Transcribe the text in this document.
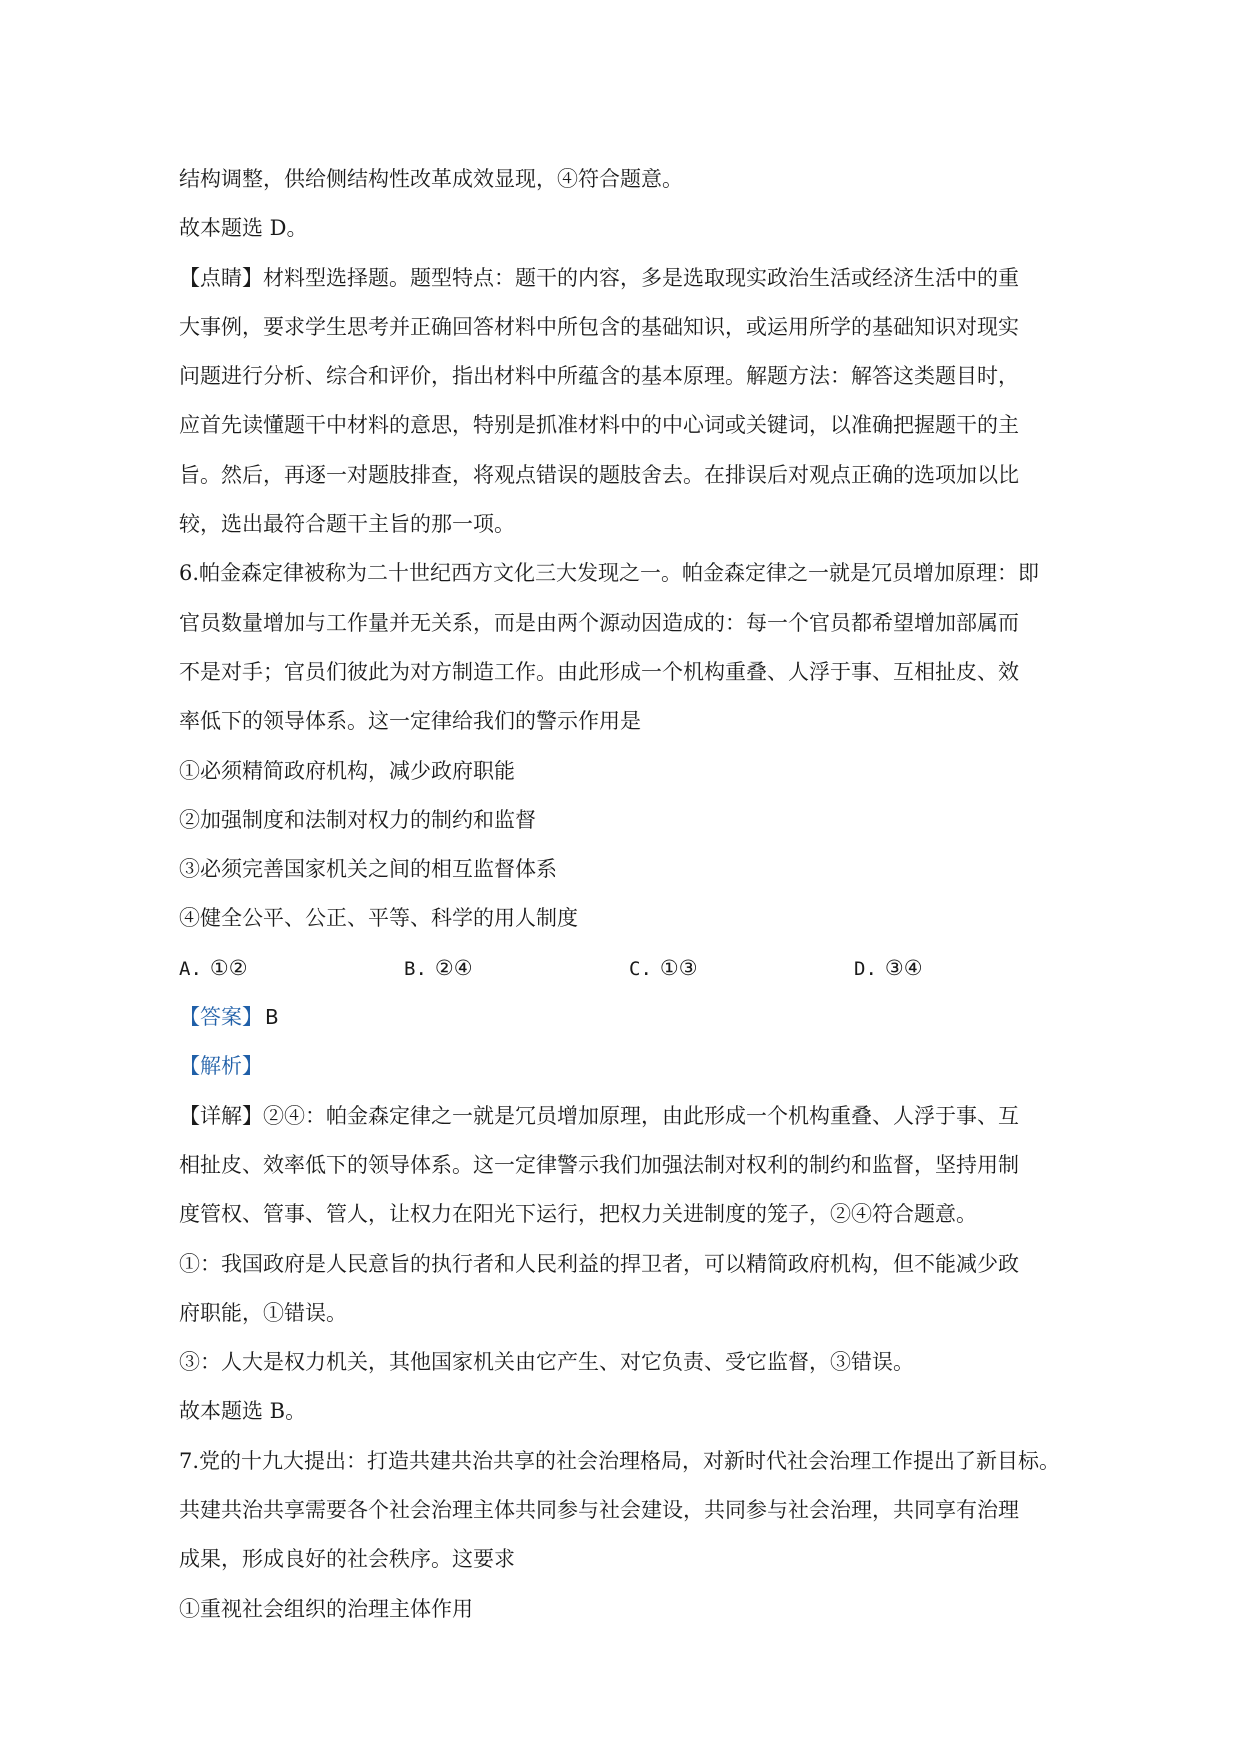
结构调整，供给侧结构性改革成效显现，④符合题意。
故本题选 D。
【点睛】材料型选择题。题型特点：题干的内容，多是选取现实政治生活或经济生活中的重
大事例，要求学生思考并正确回答材料中所包含的基础知识，或运用所学的基础知识对现实
问题进行分析、综合和评价，指出材料中所蕴含的基本原理。解题方法：解答这类题目时，
应首先读懂题干中材料的意思，特别是抓准材料中的中心词或关键词，以准确把握题干的主
旨。然后，再逐一对题肢排查，将观点错误的题肢舍去。在排误后对观点正确的选项加以比
较，选出最符合题干主旨的那一项。
6.帕金森定律被称为二十世纪西方文化三大发现之一。帕金森定律之一就是冗员增加原理：即
官员数量增加与工作量并无关系，而是由两个源动因造成的：每一个官员都希望增加部属而
不是对手；官员们彼此为对方制造工作。由此形成一个机构重叠、人浮于事、互相扯皮、效
率低下的领导体系。这一定律给我们的警示作用是
①必须精简政府机构，减少政府职能
②加强制度和法制对权力的制约和监督
③必须完善国家机关之间的相互监督体系
④健全公平、公正、平等、科学的用人制度
A. ①②	B. ②④	C. ①③	D. ③④
【答案】 B
【解析】
【详解】②④：帕金森定律之一就是冗员增加原理，由此形成一个机构重叠、人浮于事、互
相扯皮、效率低下的领导体系。这一定律警示我们加强法制对权利的制约和监督，坚持用制
度管权、管事、管人，让权力在阳光下运行，把权力关进制度的笼子，②④符合题意。
①：我国政府是人民意旨的执行者和人民利益的捍卫者，可以精简政府机构，但不能减少政
府职能，①错误。
③：人大是权力机关，其他国家机关由它产生、对它负责、受它监督，③错误。
故本题选 B。
7.党的十九大提出：打造共建共治共享的社会治理格局，对新时代社会治理工作提出了新目标。
共建共治共享需要各个社会治理主体共同参与社会建设，共同参与社会治理，共同享有治理
成果，形成良好的社会秩序。这要求
①重视社会组织的治理主体作用
